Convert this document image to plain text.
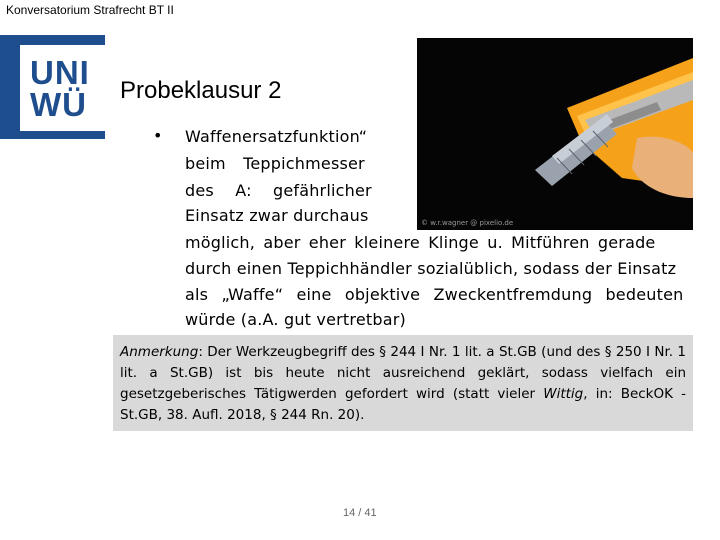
Konversatorium Strafrecht BT II
UNI
WÜ	Probeklausur 2
© w.r.wagner @ pixelio.de
• Waffenersatzfunktion“
beim Teppichmesser
des A: gefährlicher
Einsatz zwar durchaus
möglich, aber eher kleinere Klinge u. Mitführen gerade
durch einen Teppichhändler sozialüblich, sodass der Einsatz
als „Waffe“ eine objektive Zweckentfremdung bedeuten
würde (a.A. gut vertretbar)
Anmerkung: Der Werkzeugbegriff des § 244 I Nr. 1 lit. a St.GB (und des § 250 I Nr. 1 lit. a St.GB) ist bis heute nicht ausreichend geklärt, sodass vielfach ein gesetzgeberisches Tätigwerden gefordert wird (statt vieler Wittig, in: BeckOK -St.GB, 38. Aufl. 2018, § 244 Rn. 20).
14 / 41
